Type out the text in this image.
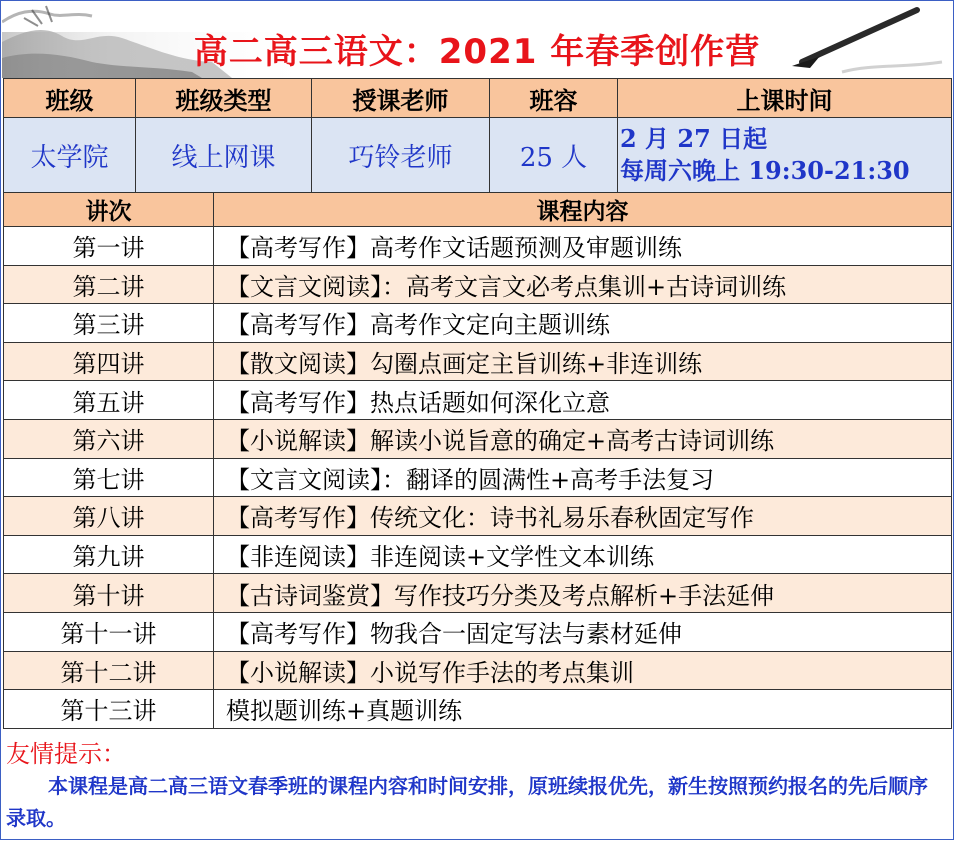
高二高三语文：2021 年春季创作营
班级	班级类型	授课老师	班容	上课时间
太学院	线上网课	巧铃老师	25 人	2 月 27 日起
每周六晚上 19:30-21:30
讲次	课程内容
第一讲	【高考写作】高考作文话题预测及审题训练
第二讲	【文言文阅读】：高考文言文必考点集训+古诗词训练
第三讲	【高考写作】高考作文定向主题训练
第四讲	【散文阅读】勾圈点画定主旨训练+非连训练
第五讲	【高考写作】热点话题如何深化立意
第六讲	【小说解读】解读小说旨意的确定+高考古诗词训练
第七讲	【文言文阅读】：翻译的圆满性+高考手法复习
第八讲	【高考写作】传统文化：诗书礼易乐春秋固定写作
第九讲	【非连阅读】非连阅读+文学性文本训练
第十讲	【古诗词鉴赏】写作技巧分类及考点解析+手法延伸
第十一讲	【高考写作】物我合一固定写法与素材延伸
第十二讲	【小说解读】小说写作手法的考点集训
第十三讲	模拟题训练+真题训练
友情提示：
本课程是高二高三语文春季班的课程内容和时间安排，原班续报优先，新生按照预约报名的先后顺序录取。
